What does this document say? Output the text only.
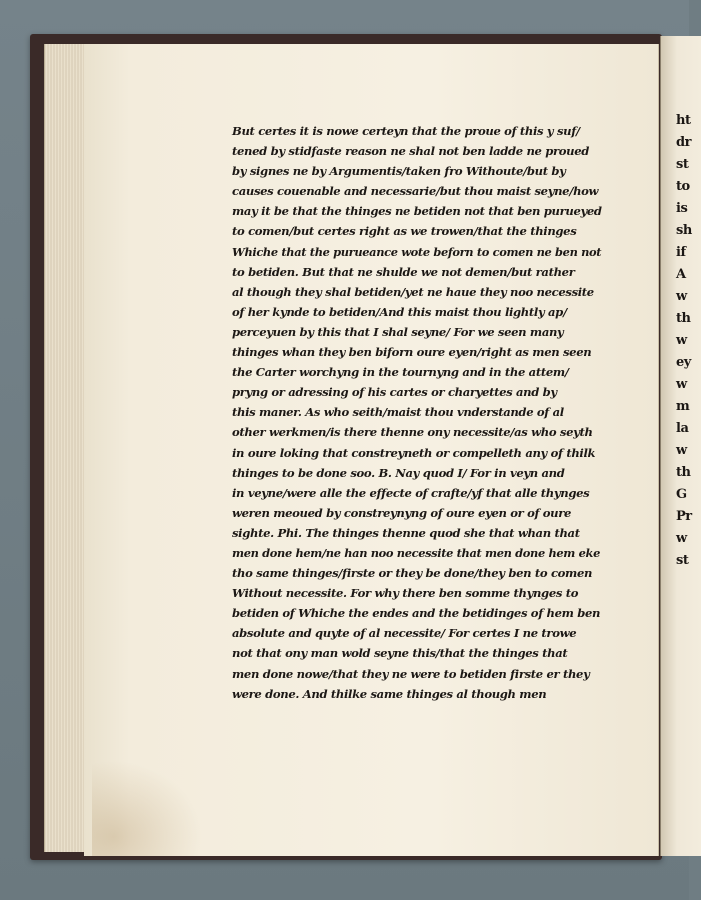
ht
dr
st
to
is
sh
if
A
w
th
w
ey
w
m
la
w
th
G
Pr
w
st
But certes it is nowe certeyn that the proue of this y suf/
tened by stidfaste reason ne shal not ben ladde ne proued
by signes ne by Argumentis/taken fro Withoute/but by
causes couenable and necessarie/but thou maist seyne/how
may it be that the thinges ne betiden not that ben purueyed
to comen/but certes right as we trowen/that the thinges
Whiche that the purueance wote beforn to comen ne ben not
to betiden. But that ne shulde we not demen/but rather
al though they shal betiden/yet ne haue they noo necessite
of her kynde to betiden/And this maist thou lightly ap/
perceyuen by this that I shal seyne/ For we seen many
thinges whan they ben biforn oure eyen/right as men seen
the Carter worchyng in the tournyng and in the attem/
pryng or adressing of his cartes or charyettes and by
this maner. As who seith/maist thou vnderstande of al
other werkmen/is there thenne ony necessite/as who seyth
in oure loking that constreyneth or compelleth any of thilk
thinges to be done soo. B. Nay quod I/ For in veyn and
in veyne/were alle the effecte of crafte/yf that alle thynges
weren meoued by constreynyng of oure eyen or of oure
sighte. Phi. The thinges thenne quod she that whan that
men done hem/ne han noo necessite that men done hem eke
tho same thinges/firste or they be done/they ben to comen
Without necessite. For why there ben somme thynges to
betiden of Whiche the endes and the betidinges of hem ben
absolute and quyte of al necessite/ For certes I ne trowe
not that ony man wold seyne this/that the thinges that
men done nowe/that they ne were to betiden firste er they
were done. And thilke same thinges al though men
